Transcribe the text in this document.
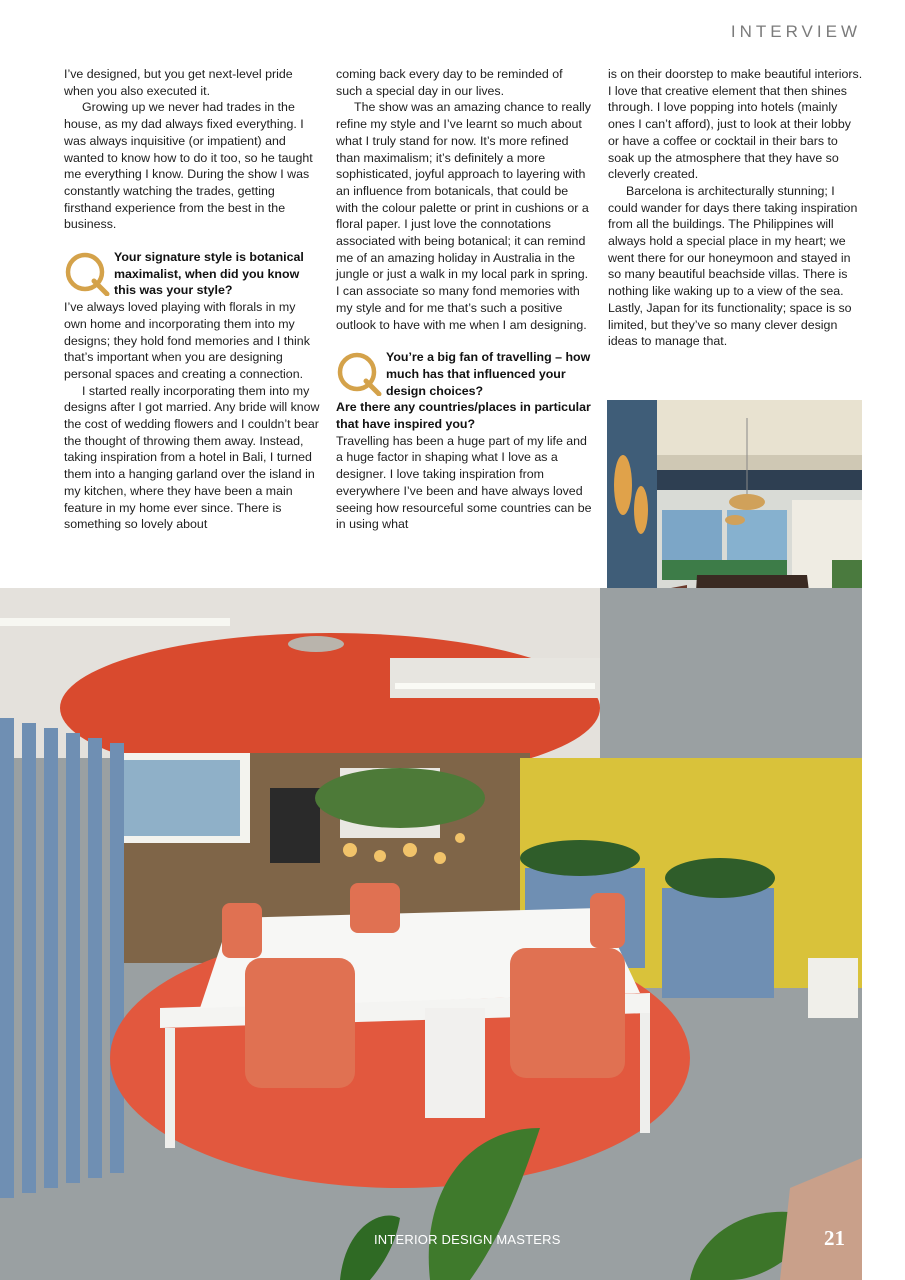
INTERVIEW

I’ve designed, but you get next-level pride when you also executed it.

Growing up we never had trades in the house, as my dad always fixed everything. I was always inquisitive (or impatient) and wanted to know how to do it too, so he taught me everything I know. During the show I was constantly watching the trades, getting firsthand experience from the best in the business.

Your signature style is botanical maximalist, when did you know this was your style?

I’ve always loved playing with florals in my own home and incorporating them into my designs; they hold fond memories and I think that’s important when you are designing personal spaces and creating a connection.

I started really incorporating them into my designs after I got married. Any bride will know the cost of wedding flowers and I couldn’t bear the thought of throwing them away. Instead, taking inspiration from a hotel in Bali, I turned them into a hanging garland over the island in my kitchen, where they have been a main feature in my home ever since. There is something so lovely about

coming back every day to be reminded of such a special day in our lives.

The show was an amazing chance to really refine my style and I’ve learnt so much about what I truly stand for now. It’s more refined than maximalism; it’s definitely a more sophisticated, joyful approach to layering with an influence from botanicals, that could be with the colour palette or print in cushions or a floral paper. I just love the connotations associated with being botanical; it can remind me of an amazing holiday in Australia in the jungle or just a walk in my local park in spring. I can associate so many fond memories with my style and for me that’s such a positive outlook to have with me when I am designing.

You’re a big fan of travelling – how much has that influenced your design choices?
Are there any countries/places in particular that have inspired you?

Travelling has been a huge part of my life and a huge factor in shaping what I love as a designer. I love taking inspiration from everywhere I’ve been and have always loved seeing how resourceful some countries can be in using what

is on their doorstep to make beautiful interiors. I love that creative element that then shines through. I love popping into hotels (mainly ones I can’t afford), just to look at their lobby or have a coffee or cocktail in their bars to soak up the atmosphere that they have so cleverly created.

Barcelona is architecturally stunning; I could wander for days there taking inspiration from all the buildings. The Philippines will always hold a special place in my heart; we went there for our honeymoon and stayed in so many beautiful beachside villas. There is nothing like waking up to a view of the sea. Lastly, Japan for its functionality; space is so limited, but they’ve so many clever design ideas to manage that.

INTERIOR DESIGN MASTERS	21
